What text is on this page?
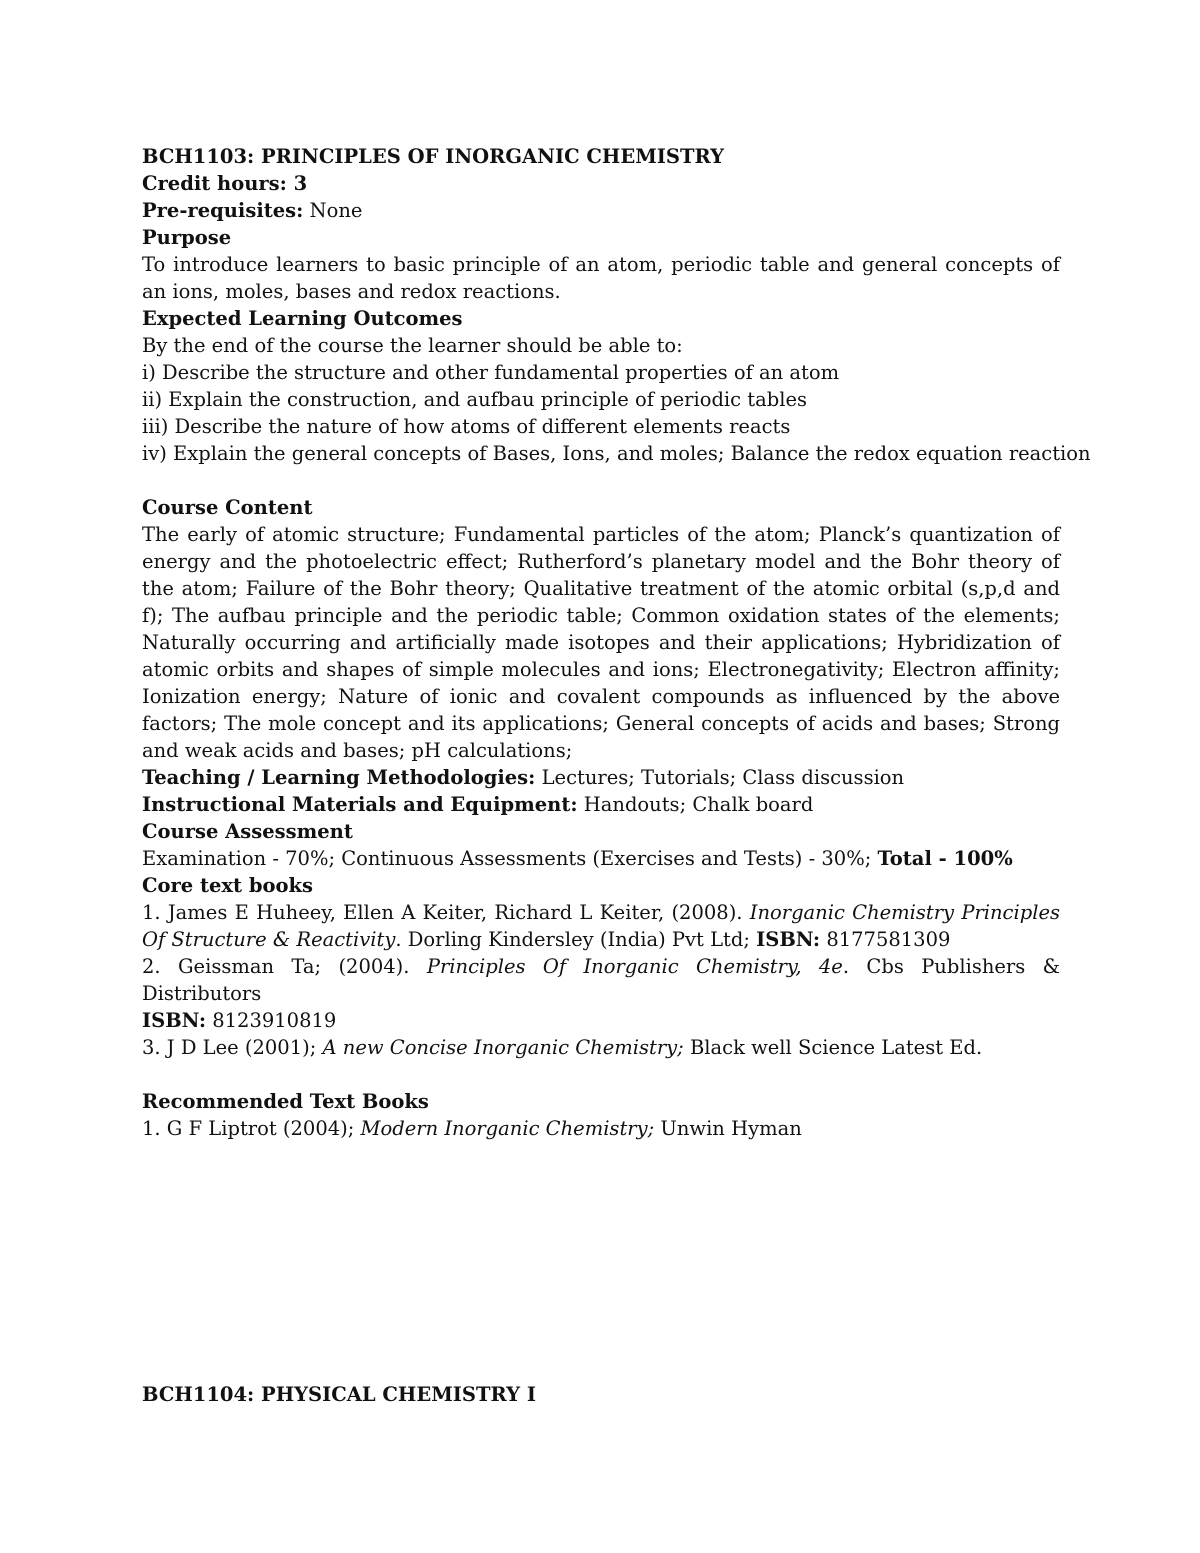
BCH1103: PRINCIPLES OF INORGANIC CHEMISTRY

Credit hours: 3

Pre-requisites: None

Purpose

To introduce learners to basic principle of an atom, periodic table and general concepts of an ions, moles, bases and redox reactions.

Expected Learning Outcomes

By the end of the course the learner should be able to:

i) Describe the structure and other fundamental properties of an atom

ii) Explain the construction, and aufbau principle of periodic tables

iii) Describe the nature of how atoms of different elements reacts

iv) Explain the general concepts of Bases, Ions, and moles; Balance the redox equation reaction

Course Content

The early of atomic structure; Fundamental particles of the atom; Planck’s quantization of energy and the photoelectric effect; Rutherford’s planetary model and the Bohr theory of the atom; Failure of the Bohr theory; Qualitative treatment of the atomic orbital (s,p,d and f); The aufbau principle and the periodic table; Common oxidation states of the elements; Naturally occurring and artificially made isotopes and their applications; Hybridization of atomic orbits and shapes of simple molecules and ions; Electronegativity; Electron affinity; Ionization energy; Nature of ionic and covalent compounds as influenced by the above factors; The mole concept and its applications; General concepts of acids and bases; Strong and weak acids and bases; pH calculations;

Teaching / Learning Methodologies: Lectures; Tutorials; Class discussion

Instructional Materials and Equipment: Handouts; Chalk board

Course Assessment

Examination - 70%; Continuous Assessments (Exercises and Tests) - 30%; Total - 100%

Core text books

1. James E Huheey, Ellen A Keiter, Richard L Keiter, (2008). Inorganic Chemistry Principles Of Structure & Reactivity. Dorling Kindersley (India) Pvt Ltd; ISBN: 8177581309

2. Geissman Ta; (2004). Principles Of Inorganic Chemistry, 4e. Cbs Publishers & Distributors
ISBN: 8123910819

3. J D Lee (2001); A new Concise Inorganic Chemistry; Black well Science Latest Ed.

Recommended Text Books

1. G F Liptrot (2004); Modern Inorganic Chemistry; Unwin Hyman

BCH1104: PHYSICAL CHEMISTRY I
